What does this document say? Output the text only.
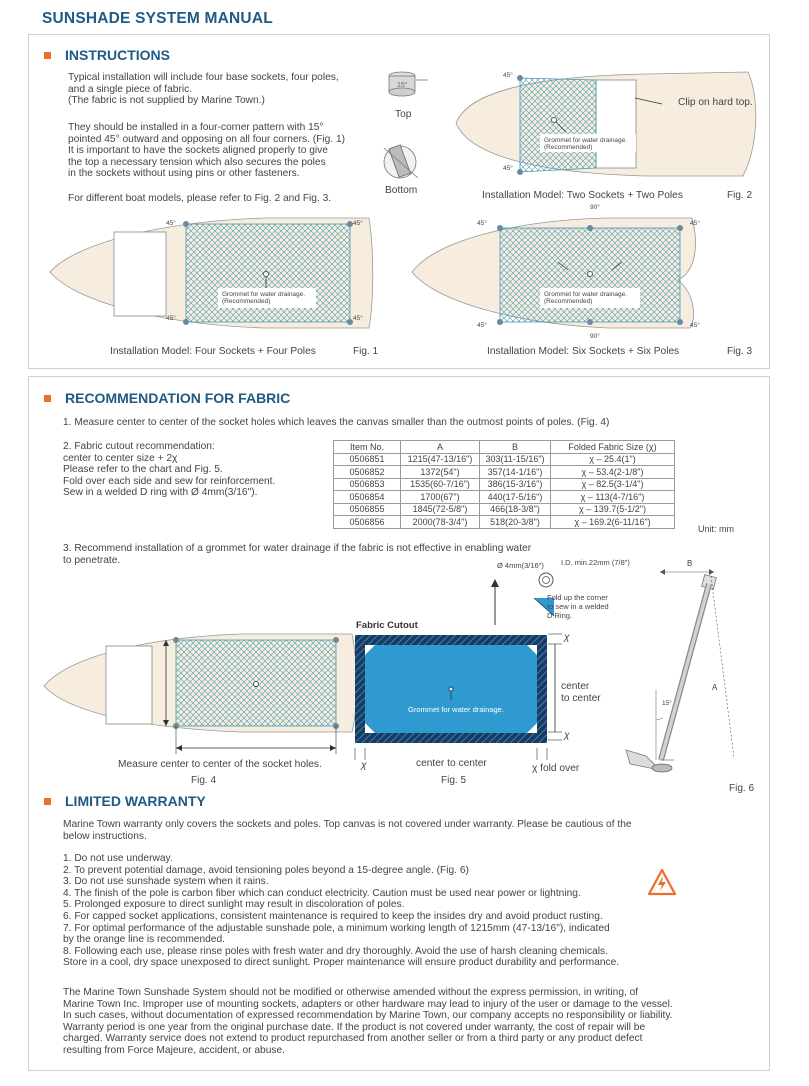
SUNSHADE SYSTEM MANUAL
INSTRUCTIONS
Typical installation will include four base sockets, four poles,
and a single piece of fabric.
(The fabric is not supplied by Marine Town.)
They should be installed in a four-corner pattern with 15°
pointed 45° outward and opposing on all four corners. (Fig. 1)
It is important to have the sockets aligned properly to give
the top a necessary tension which also secures the poles
in the sockets without using pins or other fasteners.
For different boat models, please refer to Fig. 2 and Fig. 3.
15°
Top
Bottom
45°
45°
Grommet for water drainage.
(Recommended)
Clip on hard top.
Installation Model: Two Sockets + Two Poles	Fig. 2
45°	45°
45°	45°
Grommet for water drainage.
(Recommended)
Installation Model: Four Sockets + Four Poles	Fig. 1
90°
45°	45°
45°	45°
90°
Grommet for water drainage.
(Recommended)
Installation Model: Six Sockets + Six Poles	Fig. 3
RECOMMENDATION FOR FABRIC
1. Measure center to center of the socket holes which leaves the canvas smaller than the outmost points of poles. (Fig. 4)
2. Fabric cutout recommendation:
center to center size + 2χ
Please refer to the chart and Fig. 5.
Fold over each side and sew for reinforcement.
Sew in a welded D ring with Ø 4mm(3/16").
Item No.	A	B	Folded Fabric Size (χ)
0506851	1215(47-13/16")	303(11-15/16")	χ – 25.4(1")
0506852	1372(54")	357(14-1/16")	χ – 53.4(2-1/8")
0506853	1535(60-7/16")	386(15-3/16")	χ – 82.5(3-1/4")
0506854	1700(67")	440(17-5/16")	χ – 113(4-7/16")
0506855	1845(72-5/8")	466(18-3/8")	χ – 139.7(5-1/2")
0506856	2000(78-3/4")	518(20-3/8")	χ – 169.2(6-11/16")
Unit: mm
3. Recommend installation of a grommet for water drainage if the fabric is not effective in enabling water
to penetrate.
Measure center to center of the socket holes.
Fig. 4
Fabric Cutout
Grommet for water drainage.
χ	center to center	χ fold over
χ
χ
center
to center
Fig. 5
Ø 4mm(3/16") I.D. min.22mm (7/8")
Fold up the corner
to sew in a welded
D Ring.
B
A
15°
Fig. 6
LIMITED WARRANTY
Marine Town warranty only covers the sockets and poles. Top canvas is not covered under warranty. Please be cautious of the
below instructions.
1. Do not use underway.
2. To prevent potential damage, avoid tensioning poles beyond a 15-degree angle. (Fig. 6)
3. Do not use sunshade system when it rains.
4. The finish of the pole is carbon fiber which can conduct electricity. Caution must be used near power or lightning.
5. Prolonged exposure to direct sunlight may result in discoloration of poles.
6. For capped socket applications, consistent maintenance is required to keep the insides dry and avoid product rusting.
7. For optimal performance of the adjustable sunshade pole, a minimum working length of 1215mm (47-13/16"), indicated
by the orange line is recommended.
8. Following each use, please rinse poles with fresh water and dry thoroughly. Avoid the use of harsh cleaning chemicals.
Store in a cool, dry space unexposed to direct sunlight. Proper maintenance will ensure product durability and performance.
The Marine Town Sunshade System should not be modified or otherwise amended without the express permission, in writing, of
Marine Town Inc. Improper use of mounting sockets, adapters or other hardware may lead to injury of the user or damage to the vessel.
In such cases, without documentation of expressed recommendation by Marine Town, our company accepts no responsibility or liability.
Warranty period is one year from the original purchase date. If the product is not covered under warranty, the cost of repair will be
charged. Warranty service does not extend to product repurchased from another seller or from a third party or any product defect
resulting from Force Majeure, accident, or abuse.
